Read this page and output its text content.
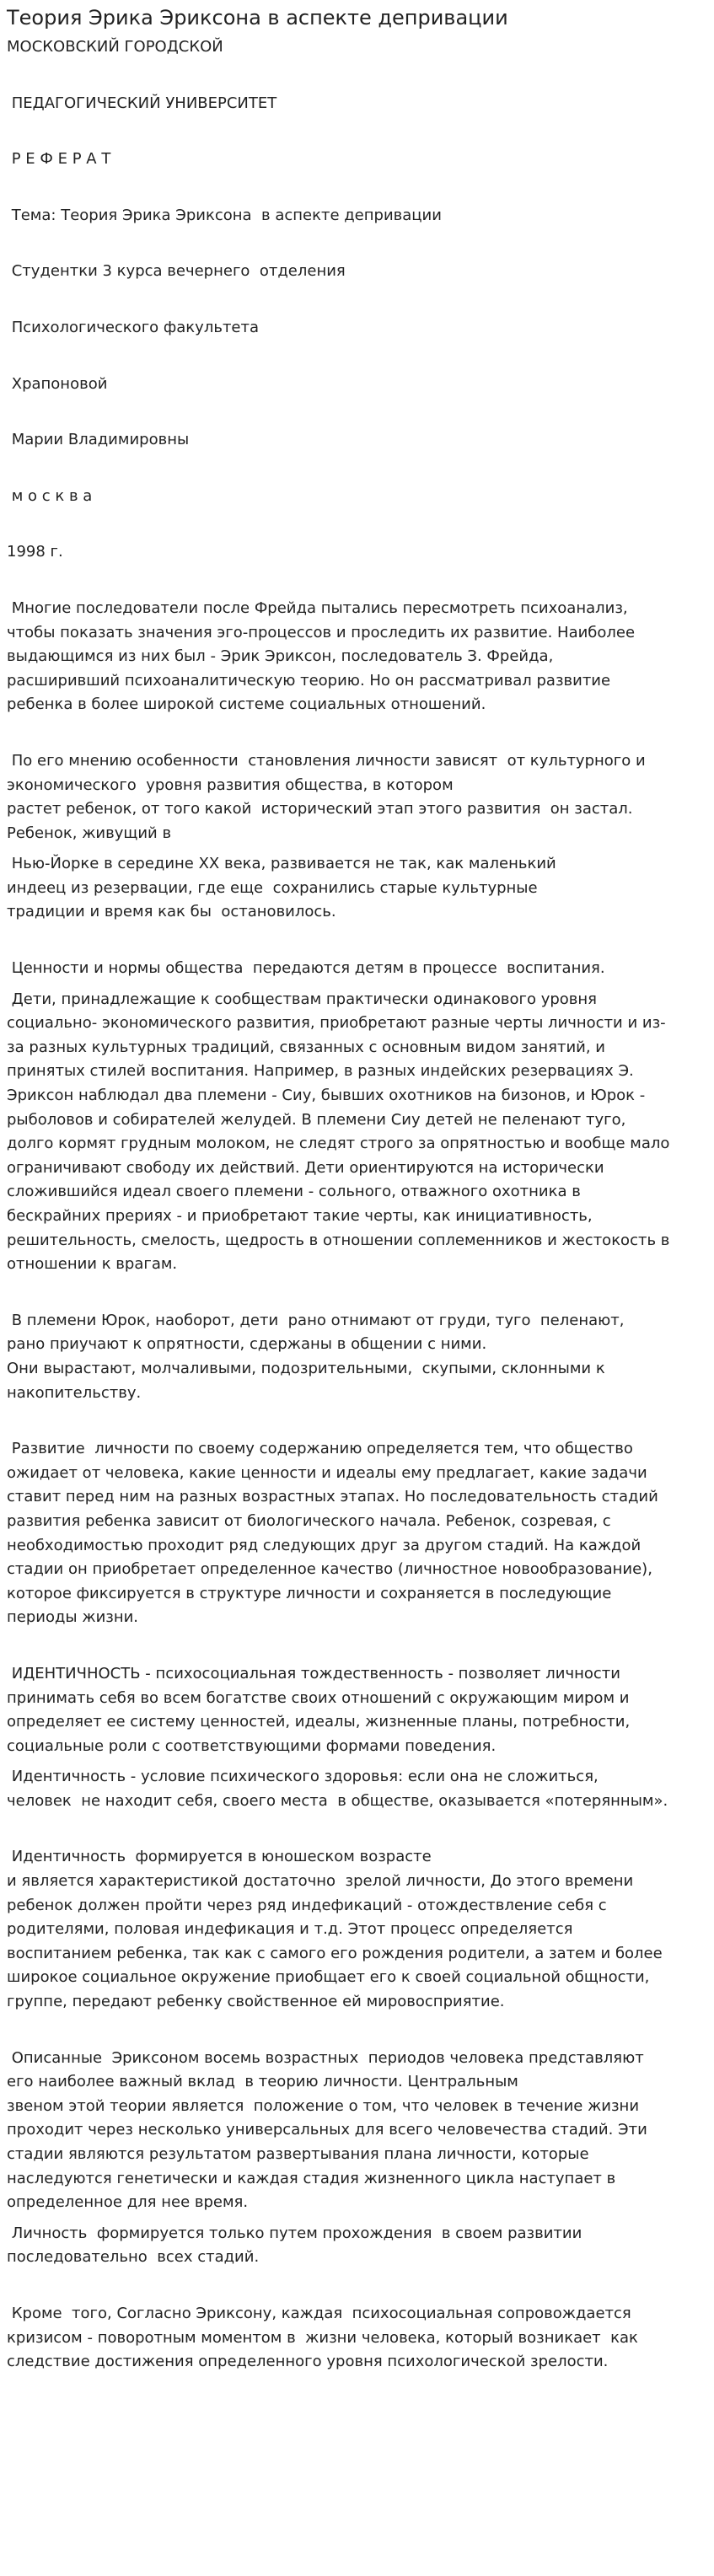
Теория Эрика Эриксона в аспекте депривации

МОСКОВСКИЙ ГОРОДСКОЙ

ПЕДАГОГИЧЕСКИЙ УНИВЕРСИТЕТ

Р Е Ф Е Р А Т

Тема: Теория Эрика Эриксона  в аспекте депривации

Студентки 3 курса вечернего  отделения

Психологического факультета

Храпоновой

Марии Владимировны

м о с к в а

1998 г.

Многие последователи после Фрейда пытались пересмотреть психоанализ,
чтобы показать значения эго-процессов и проследить их развитие. Наиболее
выдающимся из них был - Эрик Эриксон, последователь З. Фрейда,
расширивший психоаналитическую теорию. Но он рассматривал развитие
ребенка в более широкой системе социальных отношений.

По его мнению особенности  становления личности зависят  от культурного и
экономического  уровня развития общества, в котором
растет ребенок, от того какой  исторический этап этого развития  он застал.
Ребенок, живущий в

Нью-Йорке в середине XX века, развивается не так, как маленький
индеец из резервации, где еще  сохранились старые культурные
традиции и время как бы  остановилось.

Ценности и нормы общества  передаются детям в процессе  воспитания.

Дети, принадлежащие к сообществам практически одинакового уровня
социально- экономического развития, приобретают разные черты личности и из-
за разных культурных традиций, связанных с основным видом занятий, и
принятых стилей воспитания. Например, в разных индейских резервациях Э.
Эриксон наблюдал два племени - Сиу, бывших охотников на бизонов, и Юрок -
рыболовов и собирателей желудей. В племени Сиу детей не пеленают туго,
долго кормят грудным молоком, не следят строго за опрятностью и вообще мало
ограничивают свободу их действий. Дети ориентируются на исторически
сложившийся идеал своего племени - сольного, отважного охотника в
бескрайних прериях - и приобретают такие черты, как инициативность,
решительность, смелость, щедрость в отношении соплеменников и жестокость в
отношении к врагам.

В племени Юрок, наоборот, дети  рано отнимают от груди, туго  пеленают,
рано приучают к опрятности, сдержаны в общении с ними.
Они вырастают, молчаливыми, подозрительными,  скупыми, склонными к
накопительству.

Развитие  личности по своему содержанию определяется тем, что общество
ожидает от человека, какие ценности и идеалы ему предлагает, какие задачи
ставит перед ним на разных возрастных этапах. Но последовательность стадий
развития ребенка зависит от биологического начала. Ребенок, созревая, с
необходимостью проходит ряд следующих друг за другом стадий. На каждой
стадии он приобретает определенное качество (личностное новообразование),
которое фиксируется в структуре личности и сохраняется в последующие
периоды жизни.

ИДЕНТИЧНОСТЬ - психосоциальная тождественность - позволяет личности
принимать себя во всем богатстве своих отношений с окружающим миром и
определяет ее систему ценностей, идеалы, жизненные планы, потребности,
социальные роли с соответствующими формами поведения.

Идентичность - условие психического здоровья: если она не сложиться,
человек  не находит себя, своего места  в обществе, оказывается «потерянным».

Идентичность  формируется в юношеском возрасте
и является характеристикой достаточно  зрелой личности, До этого времени
ребенок должен пройти через ряд индефикаций - отождествление себя с
родителями, половая индефикация и т.д. Этот процесс определяется
воспитанием ребенка, так как с самого его рождения родители, а затем и более
широкое социальное окружение приобщает его к своей социальной общности,
группе, передают ребенку свойственное ей мировосприятие.

Описанные  Эриксоном восемь возрастных  периодов человека представляют
его наиболее важный вклад  в теорию личности. Центральным
звеном этой теории является  положение о том, что человек в течение жизни
проходит через несколько универсальных для всего человечества стадий. Эти
стадии являются результатом развертывания плана личности, которые
наследуются генетически и каждая стадия жизненного цикла наступает в
определенное для нее время.

Личность  формируется только путем прохождения  в своем развитии
последовательно  всех стадий.

Кроме  того, Согласно Эриксону, каждая  психосоциальная сопровождается
кризисом - поворотным моментом в  жизни человека, который возникает  как
следствие достижения определенного уровня психологической зрелости.
